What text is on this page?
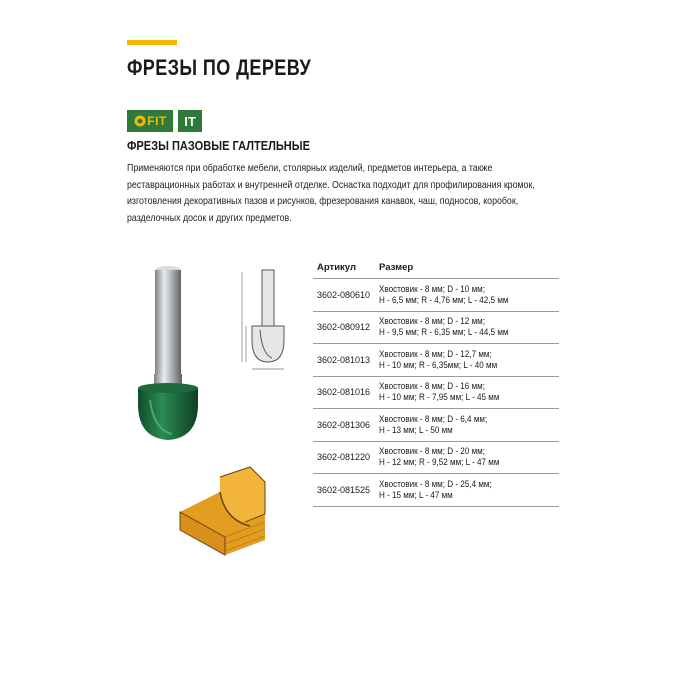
ФРЕЗЫ ПО ДЕРЕВУ
FIT	IT
ФРЕЗЫ ПАЗОВЫЕ ГАЛТЕЛЬНЫЕ

Применяются при обработке мебели, столярных изделий, предметов интерьера, а также

реставрационных работах и внутренней отделке. Оснастка подходит для профилирования кромок,

изготовления декоративных пазов и рисунков, фрезерования канавок, чаш, подносов, коробок,

разделочных досок и других предметов.

Артикул	Размер
3602-080610
Хвостовик - 8 мм; D - 10 мм;
H - 6,5 мм; R - 4,76 мм; L - 42,5 мм
3602-080912
Хвостовик - 8 мм; D - 12 мм;
H - 9,5 мм; R - 6,35 мм; L - 44,5 мм
3602-081013
Хвостовик - 8 мм; D - 12,7 мм;
H - 10 мм; R - 6,35мм; L - 40 мм
3602-081016
Хвостовик - 8 мм; D - 16 мм;
H - 10 мм; R - 7,95 мм; L - 45 мм
3602-081306
Хвостовик - 8 мм; D - 6,4 мм;
H - 13 мм; L - 50 мм
3602-081220
Хвостовик - 8 мм; D - 20 мм;
H - 12 мм; R - 9,52 мм; L - 47 мм
3602-081525
Хвостовик - 8 мм; D - 25,4 мм;
H - 15 мм; L - 47 мм
